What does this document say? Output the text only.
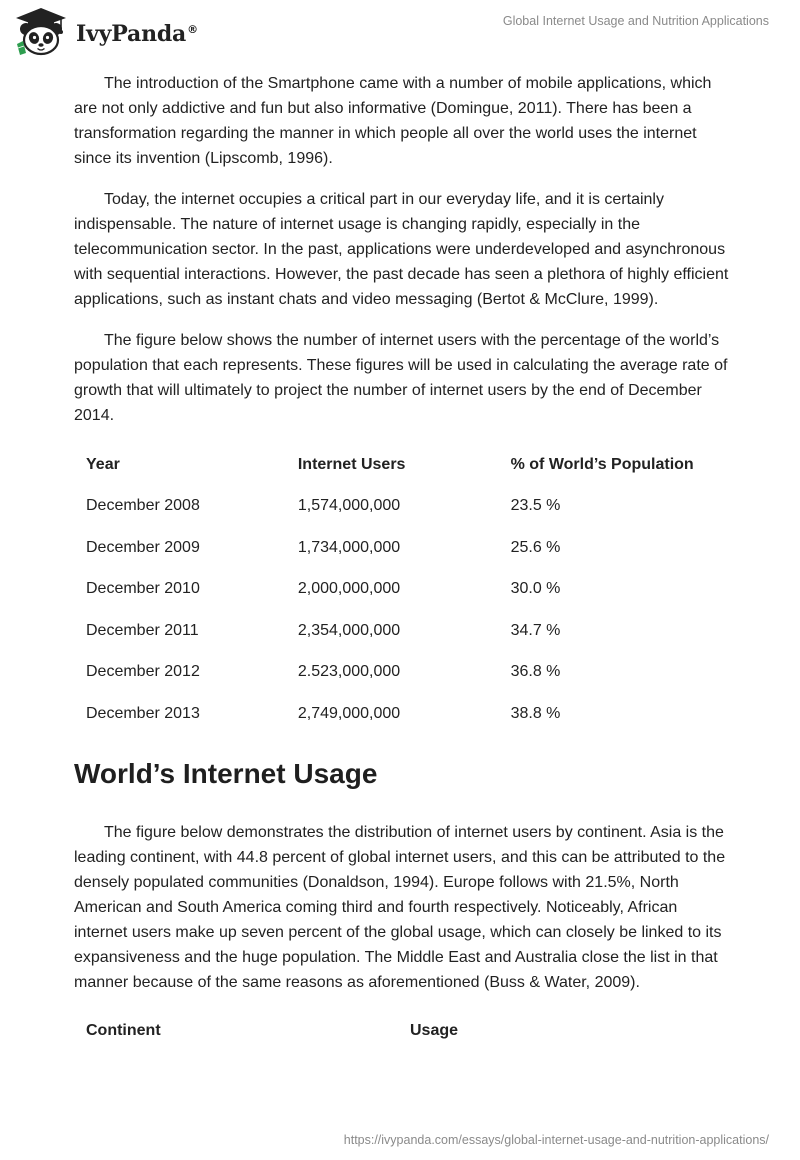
IvyPanda®
Global Internet Usage and Nutrition Applications

The introduction of the Smartphone came with a number of mobile applications, which are not only addictive and fun but also informative (Domingue, 2011). There has been a transformation regarding the manner in which people all over the world uses the internet since its invention (Lipscomb, 1996).

Today, the internet occupies a critical part in our everyday life, and it is certainly indispensable. The nature of internet usage is changing rapidly, especially in the telecommunication sector. In the past, applications were underdeveloped and asynchronous with sequential interactions. However, the past decade has seen a plethora of highly efficient applications, such as instant chats and video messaging (Bertot & McClure, 1999).

The figure below shows the number of internet users with the percentage of the world’s population that each represents. These figures will be used in calculating the average rate of growth that will ultimately to project the number of internet users by the end of December 2014.

Year	Internet Users	% of World’s Population
December 2008	1,574,000,000	23.5 %
December 2009	1,734,000,000	25.6 %
December 2010	2,000,000,000	30.0 %
December 2011	2,354,000,000	34.7 %
December 2012	2.523,000,000	36.8 %
December 2013	2,749,000,000	38.8 %
World’s Internet Usage

The figure below demonstrates the distribution of internet users by continent. Asia is the leading continent, with 44.8 percent of global internet users, and this can be attributed to the densely populated communities (Donaldson, 1994). Europe follows with 21.5%, North American and South America coming third and fourth respectively. Noticeably, African internet users make up seven percent of the global usage, which can closely be linked to its expansiveness and the huge population. The Middle East and Australia close the list in that manner because of the same reasons as aforementioned (Buss & Water, 2009).

Continent	Usage
https://ivypanda.com/essays/global-internet-usage-and-nutrition-applications/
